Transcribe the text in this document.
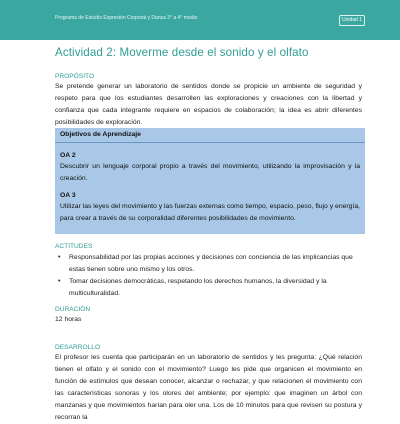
Programa de Estudio Expresión Corporal y Danza 3° a 4° medio	Unidad 1
Actividad 2: Moverme desde el sonido y el olfato
PROPÓSITO
Se pretende generar un laboratorio de sentidos donde se propicie un ambiente de seguridad y respeto para que los estudiantes desarrollen las exploraciones y creaciones con la libertad y confianza que cada integrante requiere en espacios de colaboración; la idea es abrir diferentes posibilidades de exploración.
Objetivos de Aprendizaje
OA 2
Descubrir un lenguaje corporal propio a través del movimiento, utilizando la improvisación y la creación.
OA 3
Utilizar las leyes del movimiento y las fuerzas externas como tiempo, espacio, peso, flujo y energía, para crear a través de su corporalidad diferentes posibilidades de movimiento.
ACTITUDES
• Responsabilidad por las propias acciones y decisiones con conciencia de las implicancias que estas tienen sobre uno mismo y los otros.
• Tomar decisiones democráticas, respetando los derechos humanos, la diversidad y la multiculturalidad.
DURACIÓN
12 horas
DESARROLLO
El profesor les cuenta que participarán en un laboratorio de sentidos y les pregunta: ¿Qué relación tienen el olfato y el sonido con el movimiento? Luego les pide que organicen el movimiento en función de estímulos que desean conocer, alcanzar o rechazar, y que relacionen el movimiento con las características sonoras y los olores del ambiente; por ejemplo: que imaginen un árbol con manzanas y que movimientos harían para oler una. Los de 10 minutos para que revisen su postura y recorran la
